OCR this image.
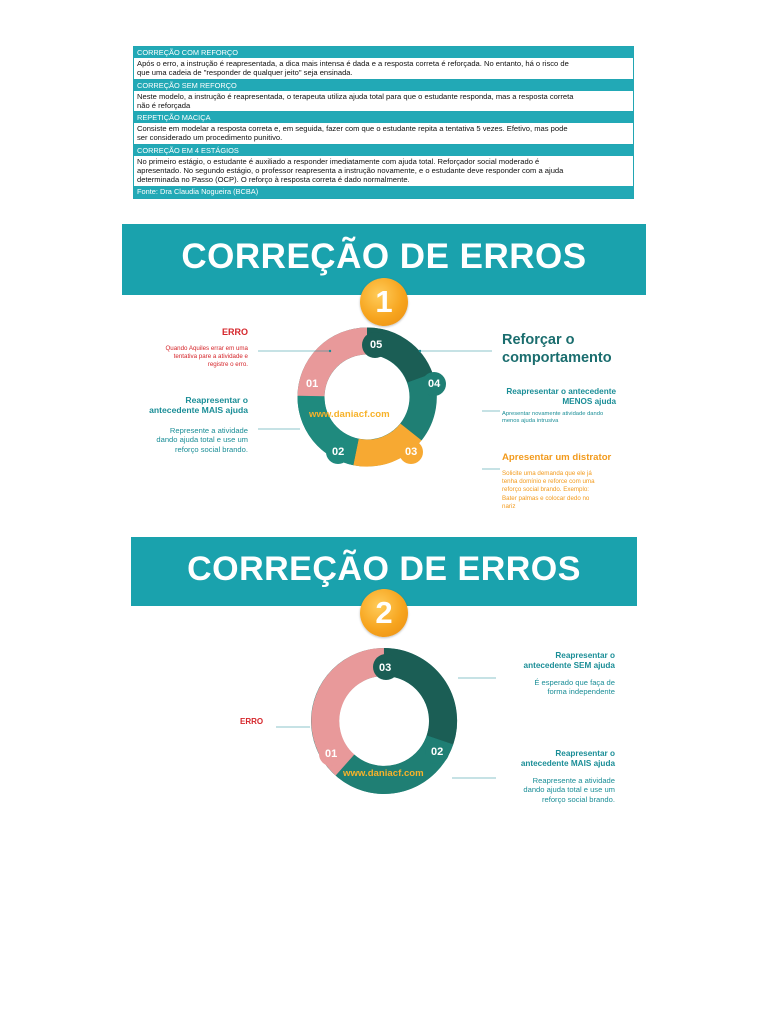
CORREÇÃO COM REFORÇO
Após o erro, a instrução é reapresentada, a dica mais intensa é dada e a resposta correta é reforçada. No entanto, há o risco de
que uma cadeia de "responder de qualquer jeito" seja ensinada.
CORREÇÃO SEM REFORÇO
Neste modelo, a instrução é reapresentada, o terapeuta utiliza ajuda total para que o estudante responda, mas a resposta correta
não é reforçada
REPETIÇÃO MACIÇA
Consiste em modelar a resposta correta e, em seguida, fazer com que o estudante repita a tentativa 5 vezes. Efetivo, mas pode
ser considerado um procedimento punitivo.
CORREÇÃO EM 4 ESTÁGIOS
No primeiro estágio, o estudante é auxiliado a responder imediatamente com ajuda total. Reforçador social moderado é
apresentado. No segundo estágio, o professor reapresenta a instrução novamente, e o estudante deve responder com a ajuda
determinada no Passo (OCP). O reforço à resposta correta é dado normalmente.
Fonte: Dra Claudia Nogueira (BCBA)
CORREÇÃO DE ERROS
1
CORREÇÃO DE ERROS
2
05
04
03
02
01
www.daniacf.com
ERRO
Quando Aquiles errar em uma
tentativa pare a atividade e
registre o erro.
Reapresentar o
antecedente MAIS ajuda
Represente a atividade
dando ajuda total e use um
reforço social brando.
Reforçar o
comportamento
Reapresentar o antecedente
MENOS ajuda
Apresentar novamente atividade dando
menos ajuda intrusiva
Apresentar um distrator
Solicite uma demanda que ele já
tenha domínio e reforce com uma
reforço social brando. Exemplo:
Bater palmas e colocar dedo no
nariz
03
02
01
www.daniacf.com
ERRO
Reapresentar o
antecedente SEM ajuda
É esperado que faça de
forma independente
Reapresentar o
antecedente MAIS ajuda
Reapresente a atividade
dando ajuda total e use um
reforço social brando.
